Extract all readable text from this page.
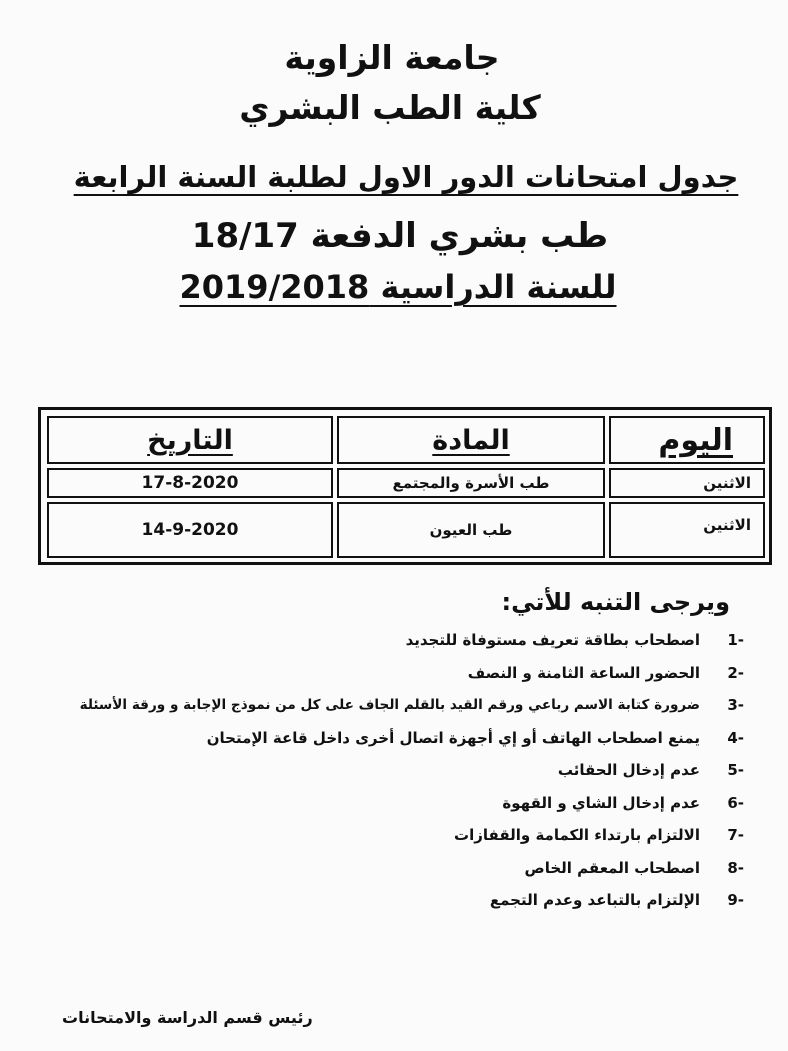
جامعة الزاوية
كلية الطب البشري
جدول امتحانات الدور الاول لطلبة السنة الرابعة
طب بشري الدفعة 18/17
للسنة الدراسية 2019/2018
التاريخ	المادة	اليوم
17-8-2020	طب الأسرة والمجتمع	الاثنين
14-9-2020	طب العيون	الاثنين
ويرجى التنبه للأتي:
1-
اصطحاب بطاقة تعريف مستوفاة للتجديد
2-
الحضور الساعة الثامنة و النصف
3-
ضرورة كتابة الاسم رباعي ورقم القيد بالقلم الجاف على كل من نموذج الإجابة و ورقة الأسئلة
4-
يمنع اصطحاب الهاتف أو إي أجهزة اتصال أخرى داخل قاعة الإمتحان
5-
عدم إدخال الحقائب
6-
عدم إدخال الشاي و القهوة
7-
الالتزام بارتداء الكمامة والقفازات
8-
اصطحاب المعقم الخاص
9-
الإلتزام بالتباعد وعدم التجمع
رئيس قسم الدراسة والامتحانات
